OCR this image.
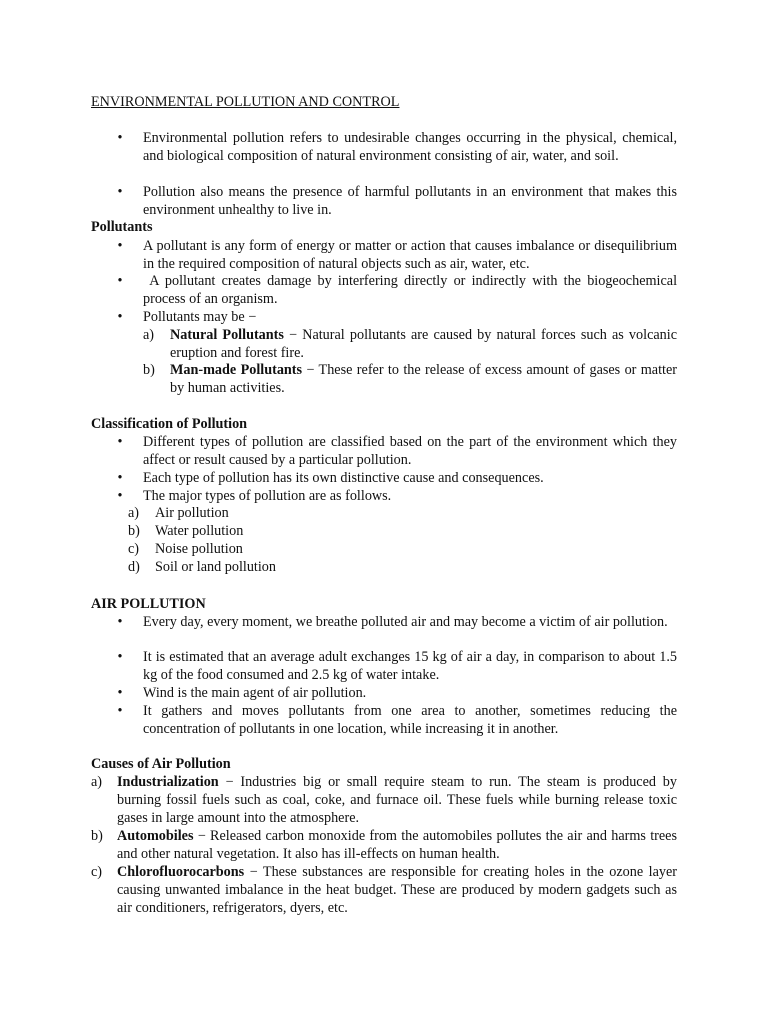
ENVIRONMENTAL POLLUTION AND CONTROL
•	Environmental pollution refers to undesirable changes occurring in the physical, chemical, and biological composition of natural environment consisting of air, water, and soil.
•	Pollution also means the presence of harmful pollutants in an environment that makes this environment unhealthy to live in.
Pollutants
•	A pollutant is any form of energy or matter or action that causes imbalance or disequilibrium in the required composition of natural objects such as air, water, etc.
•	A pollutant creates damage by interfering directly or indirectly with the biogeochemical process of an organism.
•	Pollutants may be −
a) Natural Pollutants − Natural pollutants are caused by natural forces such as volcanic eruption and forest fire.
b) Man-made Pollutants − These refer to the release of excess amount of gases or matter by human activities.
Classification of Pollution
•	Different types of pollution are classified based on the part of the environment which they affect or result caused by a particular pollution.
•	Each type of pollution has its own distinctive cause and consequences.
•	The major types of pollution are as follows.
a) Air pollution
b) Water pollution
c) Noise pollution
d) Soil or land pollution
AIR POLLUTION
•	Every day, every moment, we breathe polluted air and may become a victim of air pollution.
•	It is estimated that an average adult exchanges 15 kg of air a day, in comparison to about 1.5 kg of the food consumed and 2.5 kg of water intake.
•	Wind is the main agent of air pollution.
•	It gathers and moves pollutants from one area to another, sometimes reducing the concentration of pollutants in one location, while increasing it in another.
Causes of Air Pollution
a) Industrialization − Industries big or small require steam to run. The steam is produced by burning fossil fuels such as coal, coke, and furnace oil. These fuels while burning release toxic gases in large amount into the atmosphere.
b) Automobiles − Released carbon monoxide from the automobiles pollutes the air and harms trees and other natural vegetation. It also has ill-effects on human health.
c) Chlorofluorocarbons − These substances are responsible for creating holes in the ozone layer causing unwanted imbalance in the heat budget. These are produced by modern gadgets such as air conditioners, refrigerators, dyers, etc.
